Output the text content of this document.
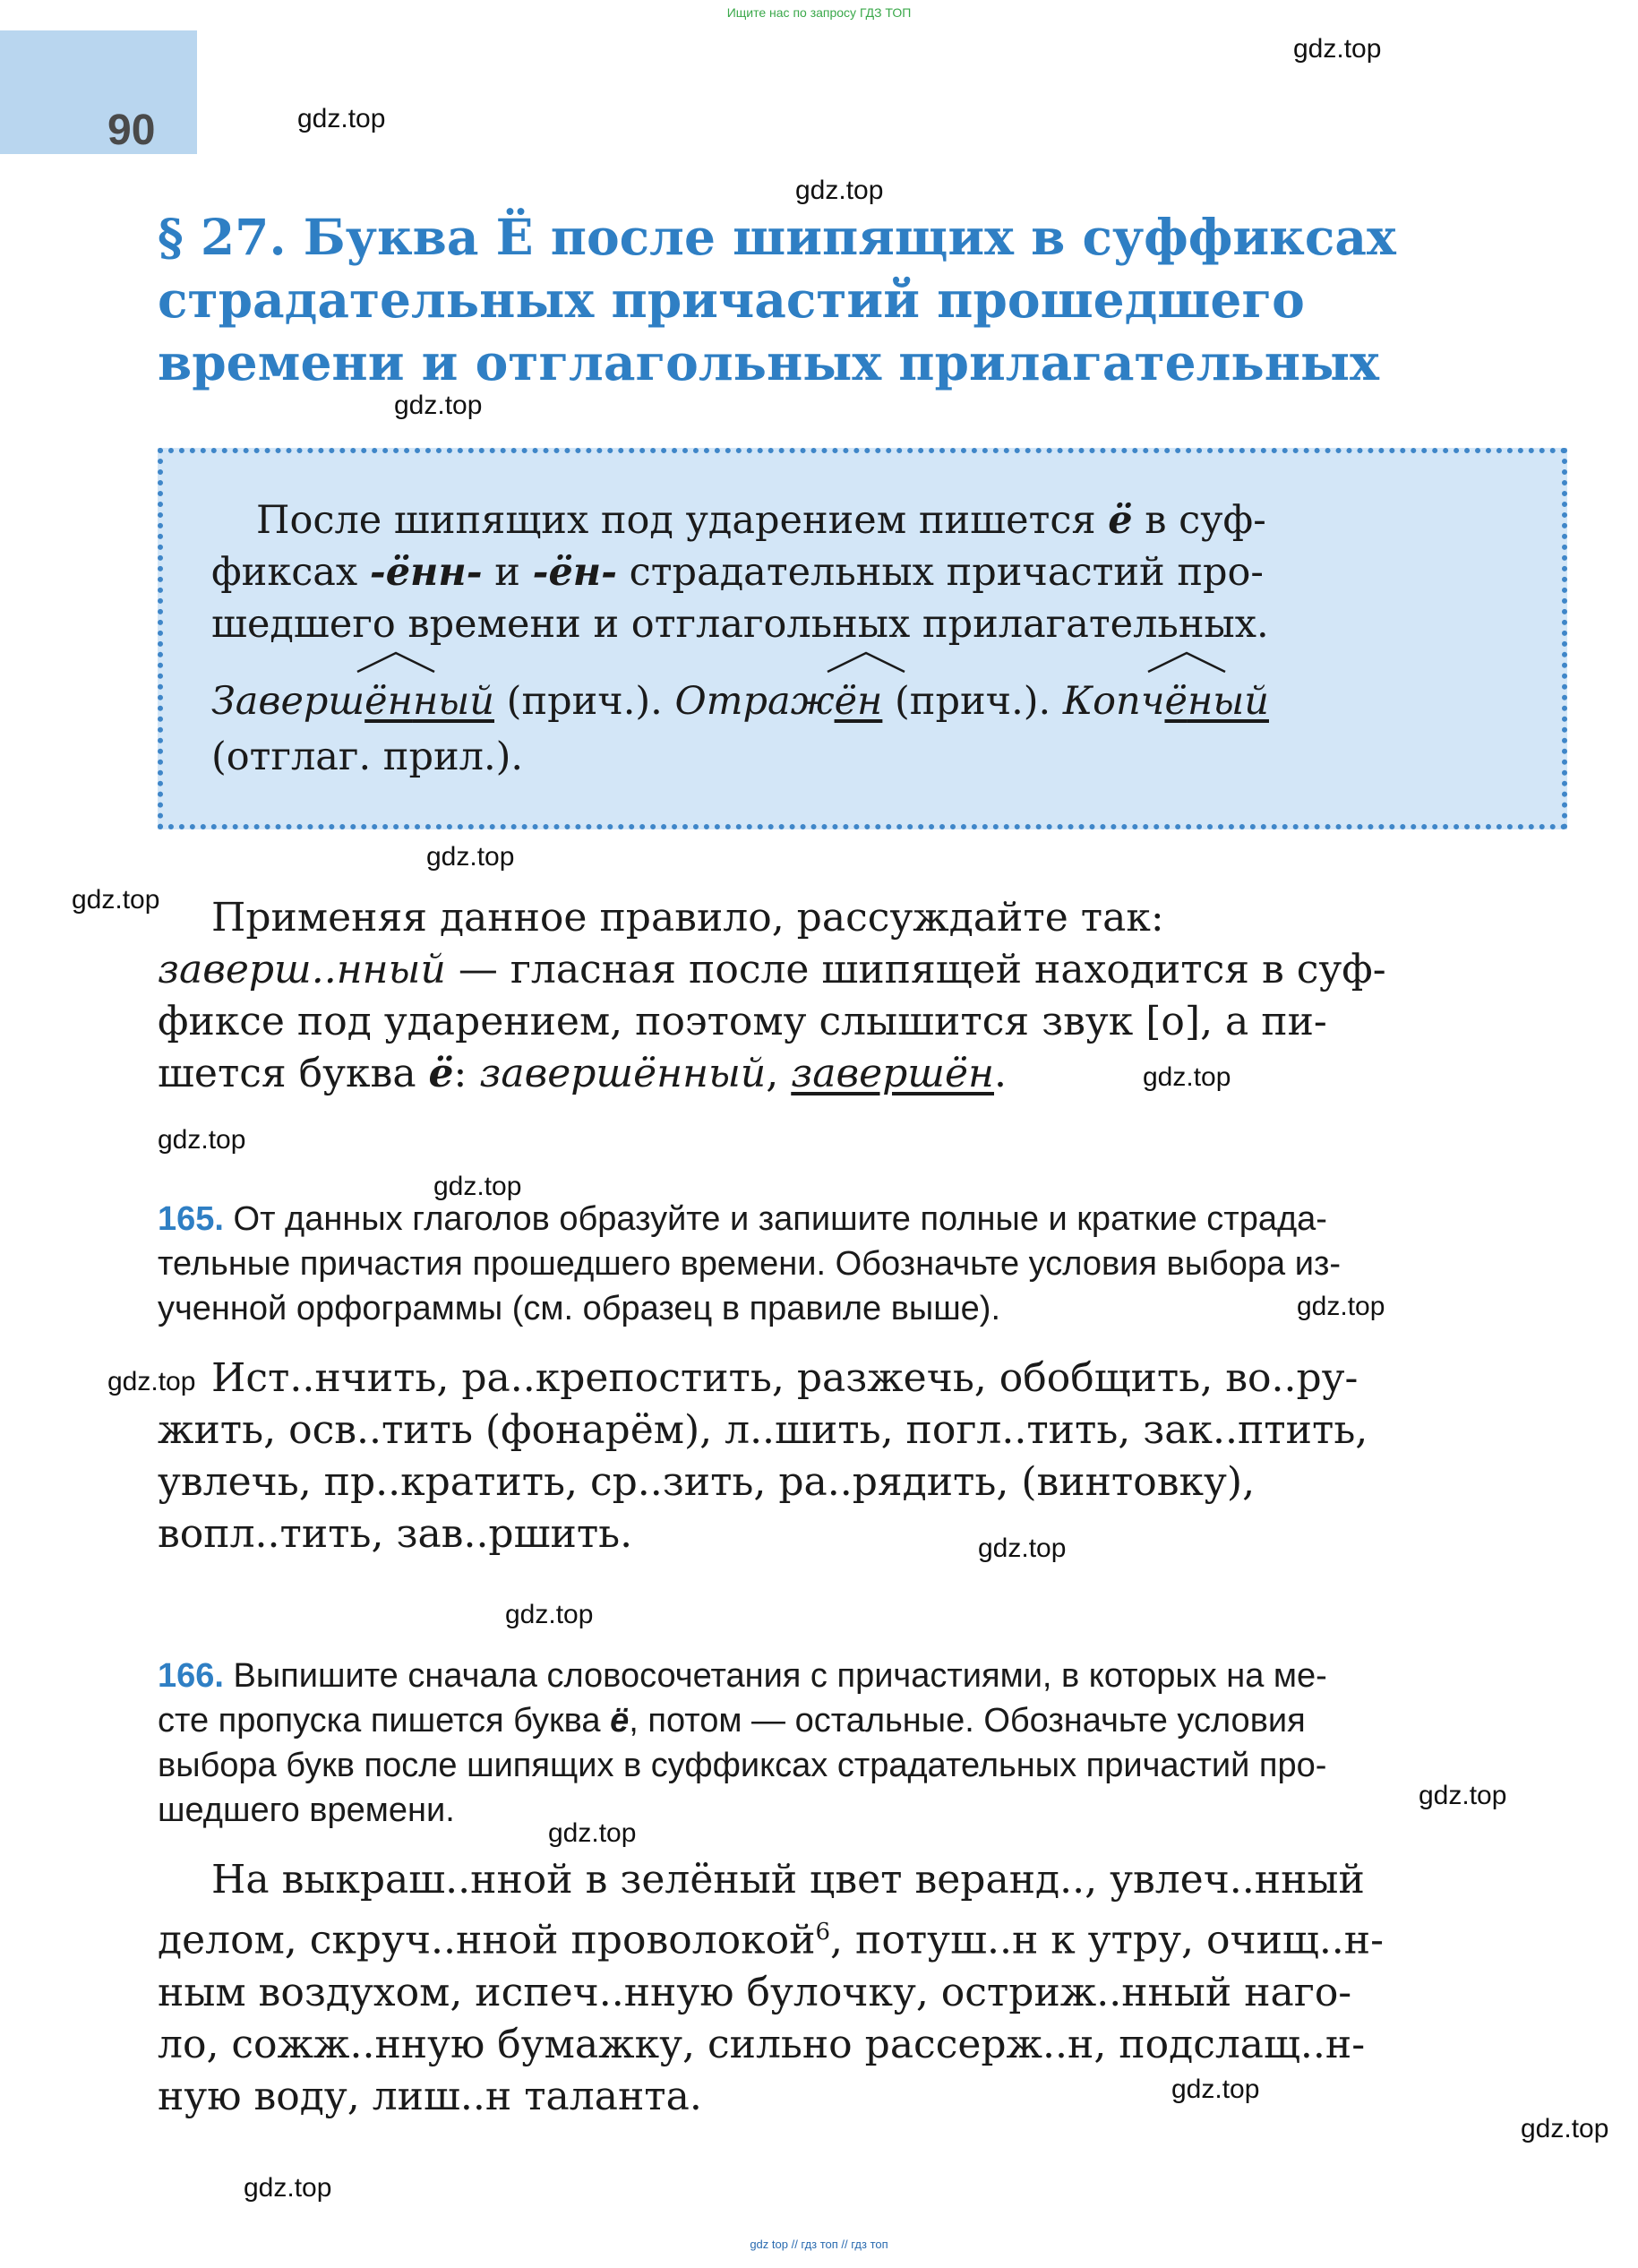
Ищите нас по запросу ГДЗ ТОП
90
gdz.top
gdz.top
gdz.top
gdz.top
gdz.top
gdz.top
gdz.top
gdz.top
gdz.top
gdz.top
gdz.top
gdz.top
gdz.top
gdz.top
gdz.top
gdz.top
gdz.top
gdz.top
§ 27. Буква Ё после шипящих в суффиксах
страдательных причастий прошедшего
времени и отглагольных прилагательных

После шипящих под ударением пишется ё в суф-

фиксах -ённ- и -ён- страдательных причастий про-

шедшего времени и отглагольных прилагательных.

Заверш
ённый (прич.). Отраж
ён (прич.). Копч
ёный

(отглаг. прил.).

Применяя данное правило, рассуждайте так:

заверш..нный — гласная после шипящей находится в суф-

фиксе под ударением, поэтому слышится звук [о], а пи-

шется буква ё: завершённый, завершён.

165. От данных глаголов образуйте и запишите полные и краткие страда-

тельные причастия прошедшего времени. Обозначьте условия выбора из-

ученной орфограммы (см. образец в правиле выше).

Ист..нчить, ра..крепостить, разжечь, обобщить, во..ру-

жить, осв..тить (фонарём), л..шить, погл..тить, зак..птить,

увлечь, пр..кратить, ср..зить, ра..рядить, (винтовку),

вопл..тить, зав..ршить.

166. Выпишите сначала словосочетания с причастиями, в которых на ме-

сте пропуска пишется буква ё, потом — остальные. Обозначьте условия

выбора букв после шипящих в суффиксах страдательных причастий про-

шедшего времени.

На выкраш..нной в зелёный цвет веранд.., увлеч..нный

делом, скруч..нной проволокой$^6$, потуш..н к утру, очищ..н-

ным воздухом, испеч..нную булочку, остриж..нный наго-

ло, сожж..нную бумажку, сильно рассерж..н, подслащ..н-

ную воду, лиш..н таланта.

gdz top // гдз топ // гдз топ
